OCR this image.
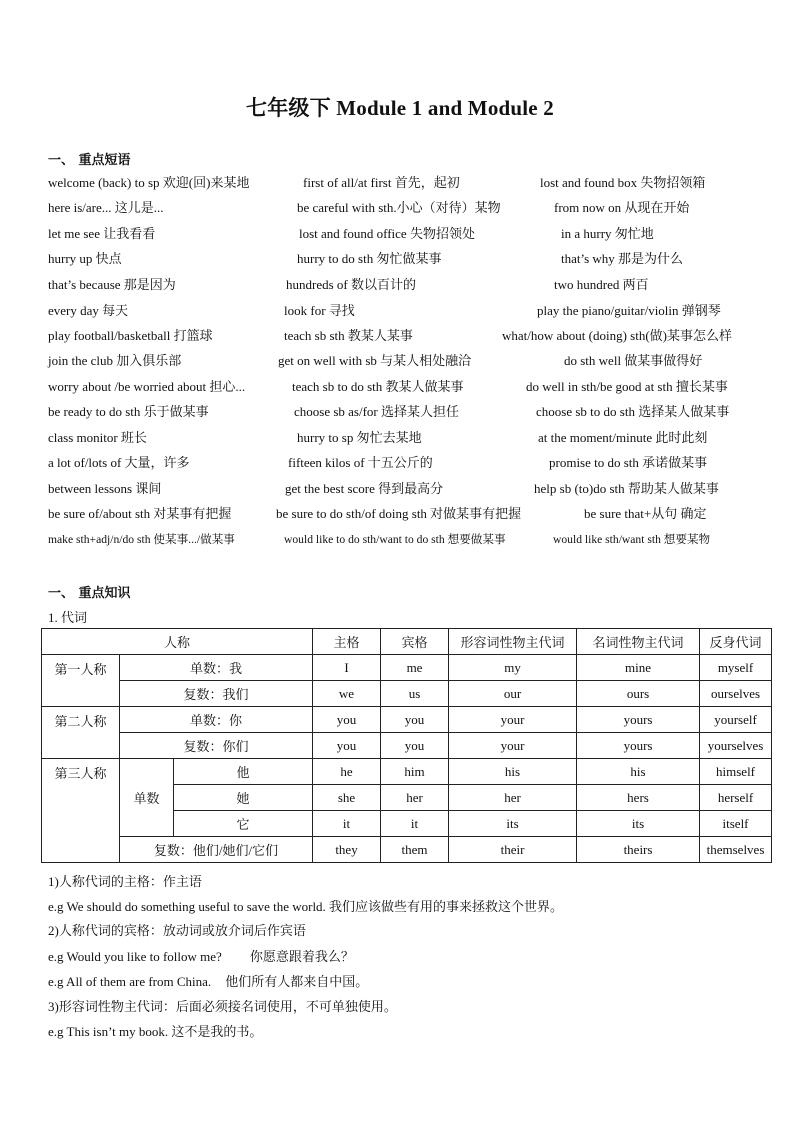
七年级下 Module 1 and Module 2
一、 重点短语
welcome (back) to sp 欢迎(回)来某地	first of all/at first 首先，起初	lost and found box 失物招领箱
here is/are... 这儿是...	be careful with sth.小心（对待）某物	from now on 从现在开始
let me see 让我看看	lost and found office 失物招领处	in a hurry 匆忙地
hurry up 快点	hurry to do sth 匆忙做某事	that’s why 那是为什么
that’s because 那是因为	hundreds of 数以百计的	two hundred 两百
every day 每天	look for 寻找	play the piano/guitar/violin 弹钢琴
play football/basketball 打篮球	teach sb sth 教某人某事	what/how about (doing) sth(做)某事怎么样
join the club 加入俱乐部	get on well with sb 与某人相处融洽	do sth well 做某事做得好
worry about /be worried about 担心...	teach sb to do sth 教某人做某事	do well in sth/be good at sth 擅长某事
be ready to do sth 乐于做某事	choose sb as/for 选择某人担任	choose sb to do sth 选择某人做某事
class monitor 班长	hurry to sp 匆忙去某地	at the moment/minute 此时此刻
a lot of/lots of 大量，许多	fifteen kilos of 十五公斤的	promise to do sth 承诺做某事
between lessons 课间	get the best score 得到最高分	help sb (to)do sth 帮助某人做某事
be sure of/about sth 对某事有把握	be sure to do sth/of doing sth 对做某事有把握	be sure that+从句 确定
make sth+adj/n/do sth 使某事.../做某事	would like to do sth/want to do sth 想要做某事	would like sth/want sth 想要某物
一、 重点知识
1. 代词
人称			主格	宾格	形容词性物主代词	名词性物主代词	反身代词
第一人称	单数：我		I	me	my	mine	myself
	复数：我们		we	us	our	ours	ourselves
第二人称	单数：你		you	you	your	yours	yourself
	复数：你们		you	you	your	yours	yourselves
第三人称	单数	他	he	him	his	his	himself
		她	she	her	her	hers	herself
		它	it	it	its	its	itself
	复数：他们/她们/它们		they	them	their	theirs	themselves
1)人称代词的主格：作主语
e.g We should do something useful to save the world. 我们应该做些有用的事来拯救这个世界。
2)人称代词的宾格：放动词或放介词后作宾语
e.g Would you like to follow me? 你愿意跟着我么？
e.g All of them are from China. 他们所有人都来自中国。
3)形容词性物主代词：后面必须接名词使用，不可单独使用。
e.g This isn’t my book. 这不是我的书。
